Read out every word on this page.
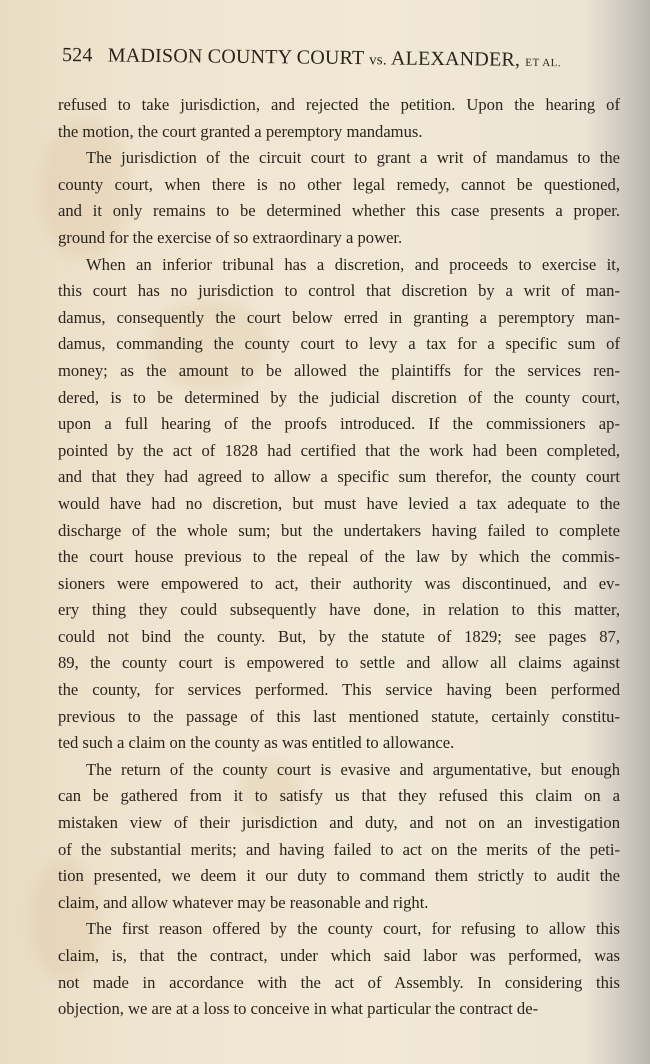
524 MADISON COUNTY COURT vs. ALEXANDER, ET AL.
refused to take jurisdiction, and rejected the petition. Upon the hearing of
the motion, the court granted a peremptory mandamus.
The jurisdiction of the circuit court to grant a writ of mandamus to the
county court, when there is no other legal remedy, cannot be questioned,
and it only remains to be determined whether this case presents a proper.
ground for the exercise of so extraordinary a power.
When an inferior tribunal has a discretion, and proceeds to exercise it,
this court has no jurisdiction to control that discretion by a writ of man-
damus, consequently the court below erred in granting a peremptory man-
damus, commanding the county court to levy a tax for a specific sum of
money; as the amount to be allowed the plaintiffs for the services ren-
dered, is to be determined by the judicial discretion of the county court,
upon a full hearing of the proofs introduced. If the commissioners ap-
pointed by the act of 1828 had certified that the work had been completed,
and that they had agreed to allow a specific sum therefor, the county court
would have had no discretion, but must have levied a tax adequate to the
discharge of the whole sum; but the undertakers having failed to complete
the court house previous to the repeal of the law by which the commis-
sioners were empowered to act, their authority was discontinued, and ev-
ery thing they could subsequently have done, in relation to this matter,
could not bind the county. But, by the statute of 1829; see pages 87,
89, the county court is empowered to settle and allow all claims against
the county, for services performed. This service having been performed
previous to the passage of this last mentioned statute, certainly constitu-
ted such a claim on the county as was entitled to allowance.
The return of the county court is evasive and argumentative, but enough
can be gathered from it to satisfy us that they refused this claim on a
mistaken view of their jurisdiction and duty, and not on an investigation
of the substantial merits; and having failed to act on the merits of the peti-
tion presented, we deem it our duty to command them strictly to audit the
claim, and allow whatever may be reasonable and right.
The first reason offered by the county court, for refusing to allow this
claim, is, that the contract, under which said labor was performed, was
not made in accordance with the act of Assembly. In considering this
objection, we are at a loss to conceive in what particular the contract de-
